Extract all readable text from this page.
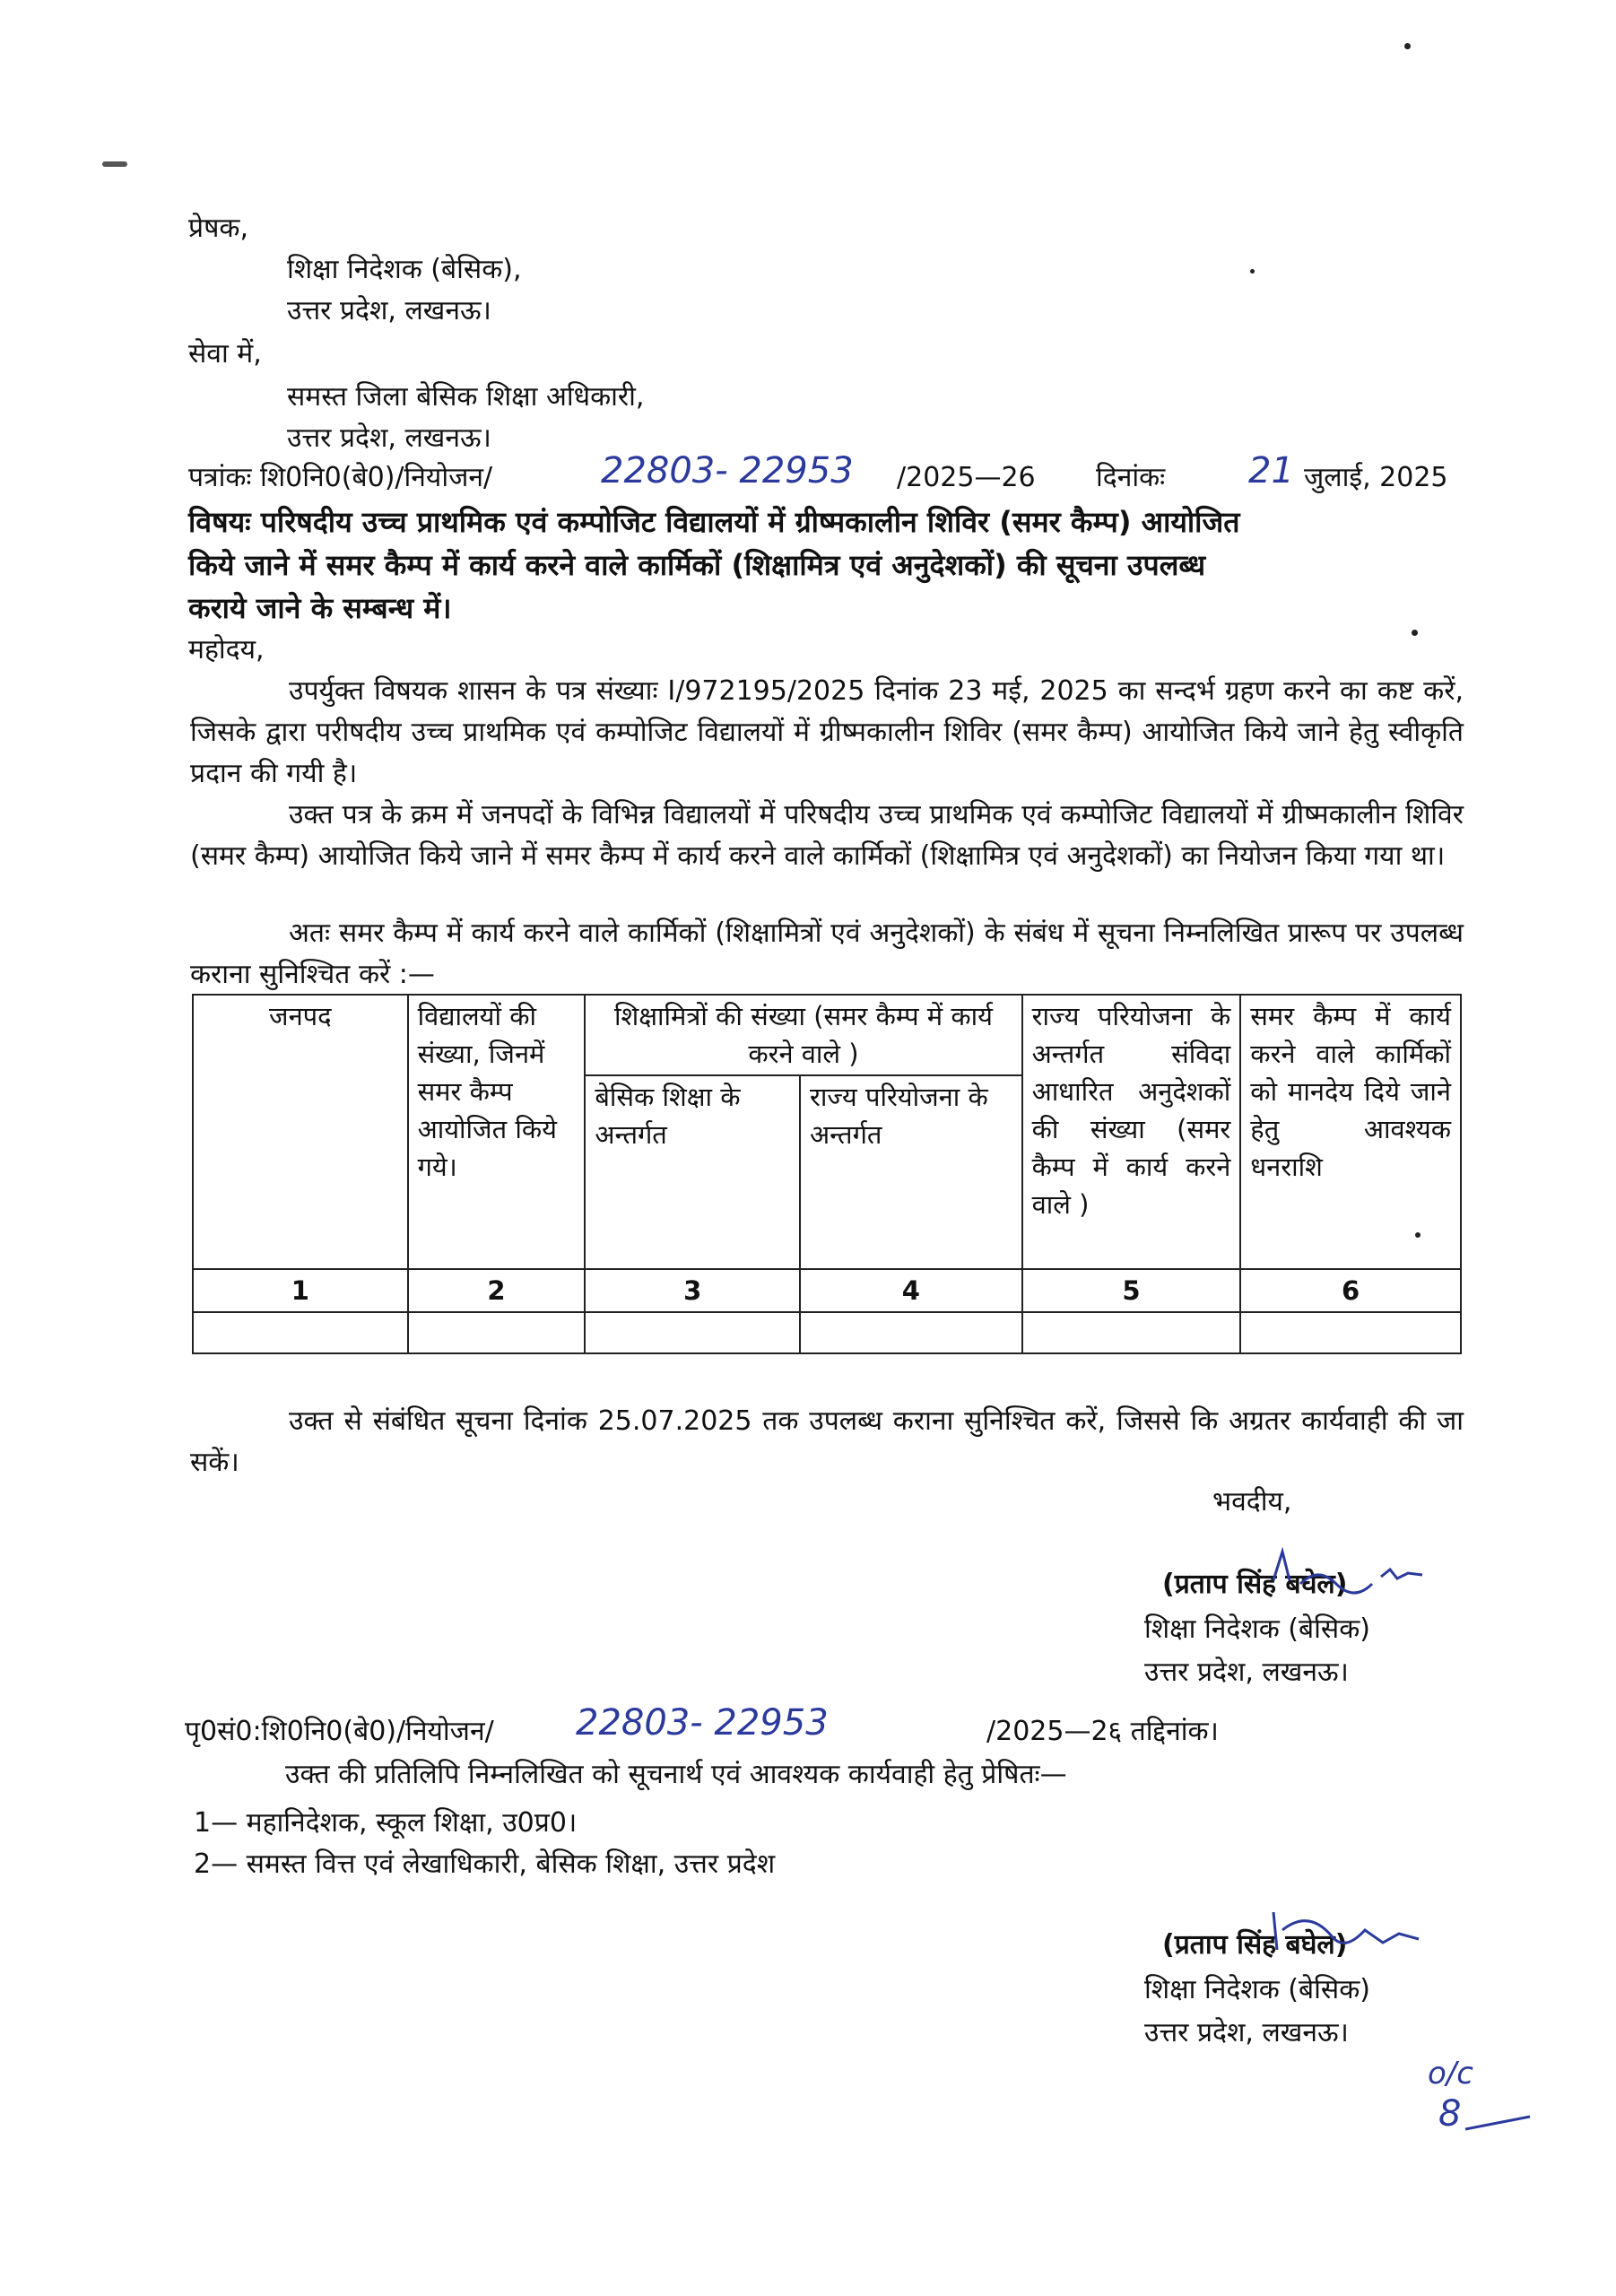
प्रेषक,
शिक्षा निदेशक (बेसिक),
उत्तर प्रदेश, लखनऊ।
सेवा में,
समस्त जिला बेसिक शिक्षा अधिकारी,
उत्तर प्रदेश, लखनऊ।
पत्रांकः शि0नि0(बे0)/नियोजन/	22803- 22953 /2025—26 दिनांकः 21 जुलाई, 2025
विषयः परिषदीय उच्च प्राथमिक एवं कम्पोजिट विद्यालयों में ग्रीष्मकालीन शिविर (समर कैम्प) आयोजित
किये जाने में समर कैम्प में कार्य करने वाले कार्मिकों (शिक्षामित्र एवं अनुदेशकों) की सूचना उपलब्ध
कराये जाने के सम्बन्ध में।
महोदय,
उपर्युक्त विषयक शासन के पत्र संख्याः I/972195/2025 दिनांक 23 मई, 2025 का सन्दर्भ ग्रहण करने का कष्ट करें, जिसके द्वारा परीषदीय उच्च प्राथमिक एवं कम्पोजिट विद्यालयों में ग्रीष्मकालीन शिविर (समर कैम्प) आयोजित किये जाने हेतु स्वीकृति प्रदान की गयी है।
उक्त पत्र के क्रम में जनपदों के विभिन्न विद्यालयों में परिषदीय उच्च प्राथमिक एवं कम्पोजिट विद्यालयों में ग्रीष्मकालीन शिविर (समर कैम्प) आयोजित किये जाने में समर कैम्प में कार्य करने वाले कार्मिकों (शिक्षामित्र एवं अनुदेशकों) का नियोजन किया गया था।
अतः समर कैम्प में कार्य करने वाले कार्मिकों (शिक्षामित्रों एवं अनुदेशकों) के संबंध में सूचना निम्नलिखित प्रारूप पर उपलब्ध कराना सुनिश्चित करें :—
जनपद	विद्यालयों की संख्या, जिनमें समर कैम्प आयोजित किये गये।	शिक्षामित्रों की संख्या (समर कैम्प में कार्य करने वाले )		राज्य परियोजना के अन्तर्गत संविदा आधारित अनुदेशकों की संख्या (समर कैम्प में कार्य करने वाले )	समर कैम्प में कार्य करने वाले कार्मिकों को मानदेय दिये जाने हेतु आवश्यक धनराशि
		बेसिक शिक्षा के अन्तर्गत	राज्य परियोजना के अन्तर्गत		
1	2	3	4	5	6

उक्त से संबंधित सूचना दिनांक 25.07.2025 तक उपलब्ध कराना सुनिश्चित करें, जिससे कि अग्रतर कार्यवाही की जा सकें।
भवदीय,
(प्रताप सिंह बघेल)
शिक्षा निदेशक (बेसिक)
उत्तर प्रदेश, लखनऊ।
पृ0सं0:शि0नि0(बे0)/नियोजन/ 22803- 22953	/2025—2६ तद्दिनांक।
उक्त की प्रतिलिपि निम्नलिखित को सूचनार्थ एवं आवश्यक कार्यवाही हेतु प्रेषितः—
1— महानिदेशक, स्कूल शिक्षा, उ0प्र0।
2— समस्त वित्त एवं लेखाधिकारी, बेसिक शिक्षा, उत्तर प्रदेश
(प्रताप सिंह बघेल)
शिक्षा निदेशक (बेसिक)
उत्तर प्रदेश, लखनऊ।
o/c
8
